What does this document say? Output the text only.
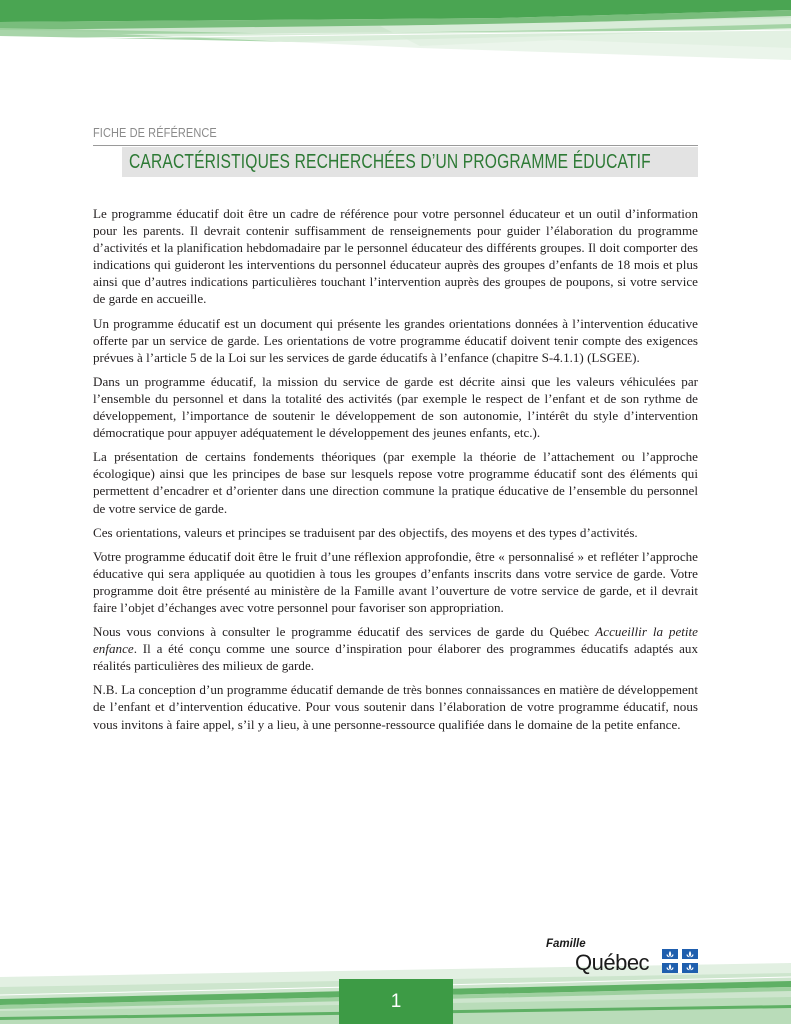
FICHE DE RÉFÉRENCE
CARACTÉRISTIQUES RECHERCHÉES D’UN PROGRAMME ÉDUCATIF

Le programme éducatif doit être un cadre de référence pour votre personnel éducateur et un outil d’information pour les parents. Il devrait contenir suffisamment de renseignements pour guider l’élaboration du programme d’activités et la planification hebdomadaire par le personnel éducateur des différents groupes. Il doit comporter des indications qui guideront les interventions du personnel éducateur auprès des groupes d’enfants de 18 mois et plus ainsi que d’autres indications particulières touchant l’intervention auprès des groupes de poupons, si votre service de garde en accueille.

Un programme éducatif est un document qui présente les grandes orientations données à l’intervention éducative offerte par un service de garde. Les orientations de votre programme éducatif doivent tenir compte des exigences prévues à l’article 5 de la Loi sur les services de garde éducatifs à l’enfance (chapitre S-4.1.1) (LSGEE).

Dans un programme éducatif, la mission du service de garde est décrite ainsi que les valeurs véhiculées par l’ensemble du personnel et dans la totalité des activités (par exemple le respect de l’enfant et de son rythme de développement, l’importance de soutenir le développement de son autonomie, l’intérêt du style d’intervention démocratique pour appuyer adéquatement le développement des jeunes enfants, etc.).

La présentation de certains fondements théoriques (par exemple la théorie de l’attachement ou l’approche écologique) ainsi que les principes de base sur lesquels repose votre programme éducatif sont des éléments qui permettent d’encadrer et d’orienter dans une direction commune la pratique éducative de l’ensemble du personnel de votre service de garde.

Ces orientations, valeurs et principes se traduisent par des objectifs, des moyens et des types d’activités.

Votre programme éducatif doit être le fruit d’une réflexion approfondie, être « personnalisé » et refléter l’approche éducative qui sera appliquée au quotidien à tous les groupes d’enfants inscrits dans votre service de garde. Votre programme doit être présenté au ministère de la Famille avant l’ouverture de votre service de garde, et il devrait faire l’objet d’échanges avec votre personnel pour favoriser son appropriation.

Nous vous convions à consulter le programme éducatif des services de garde du Québec Accueillir la petite enfance. Il a été conçu comme une source d’inspiration pour élaborer des programmes éducatifs adaptés aux réalités particulières des milieux de garde.

N.B. La conception d’un programme éducatif demande de très bonnes connaissances en matière de développement de l’enfant et d’intervention éducative. Pour vous soutenir dans l’élaboration de votre programme éducatif, nous vous invitons à faire appel, s’il y a lieu, à une personne-ressource qualifiée dans le domaine de la petite enfance.

Famille
Québec
1
